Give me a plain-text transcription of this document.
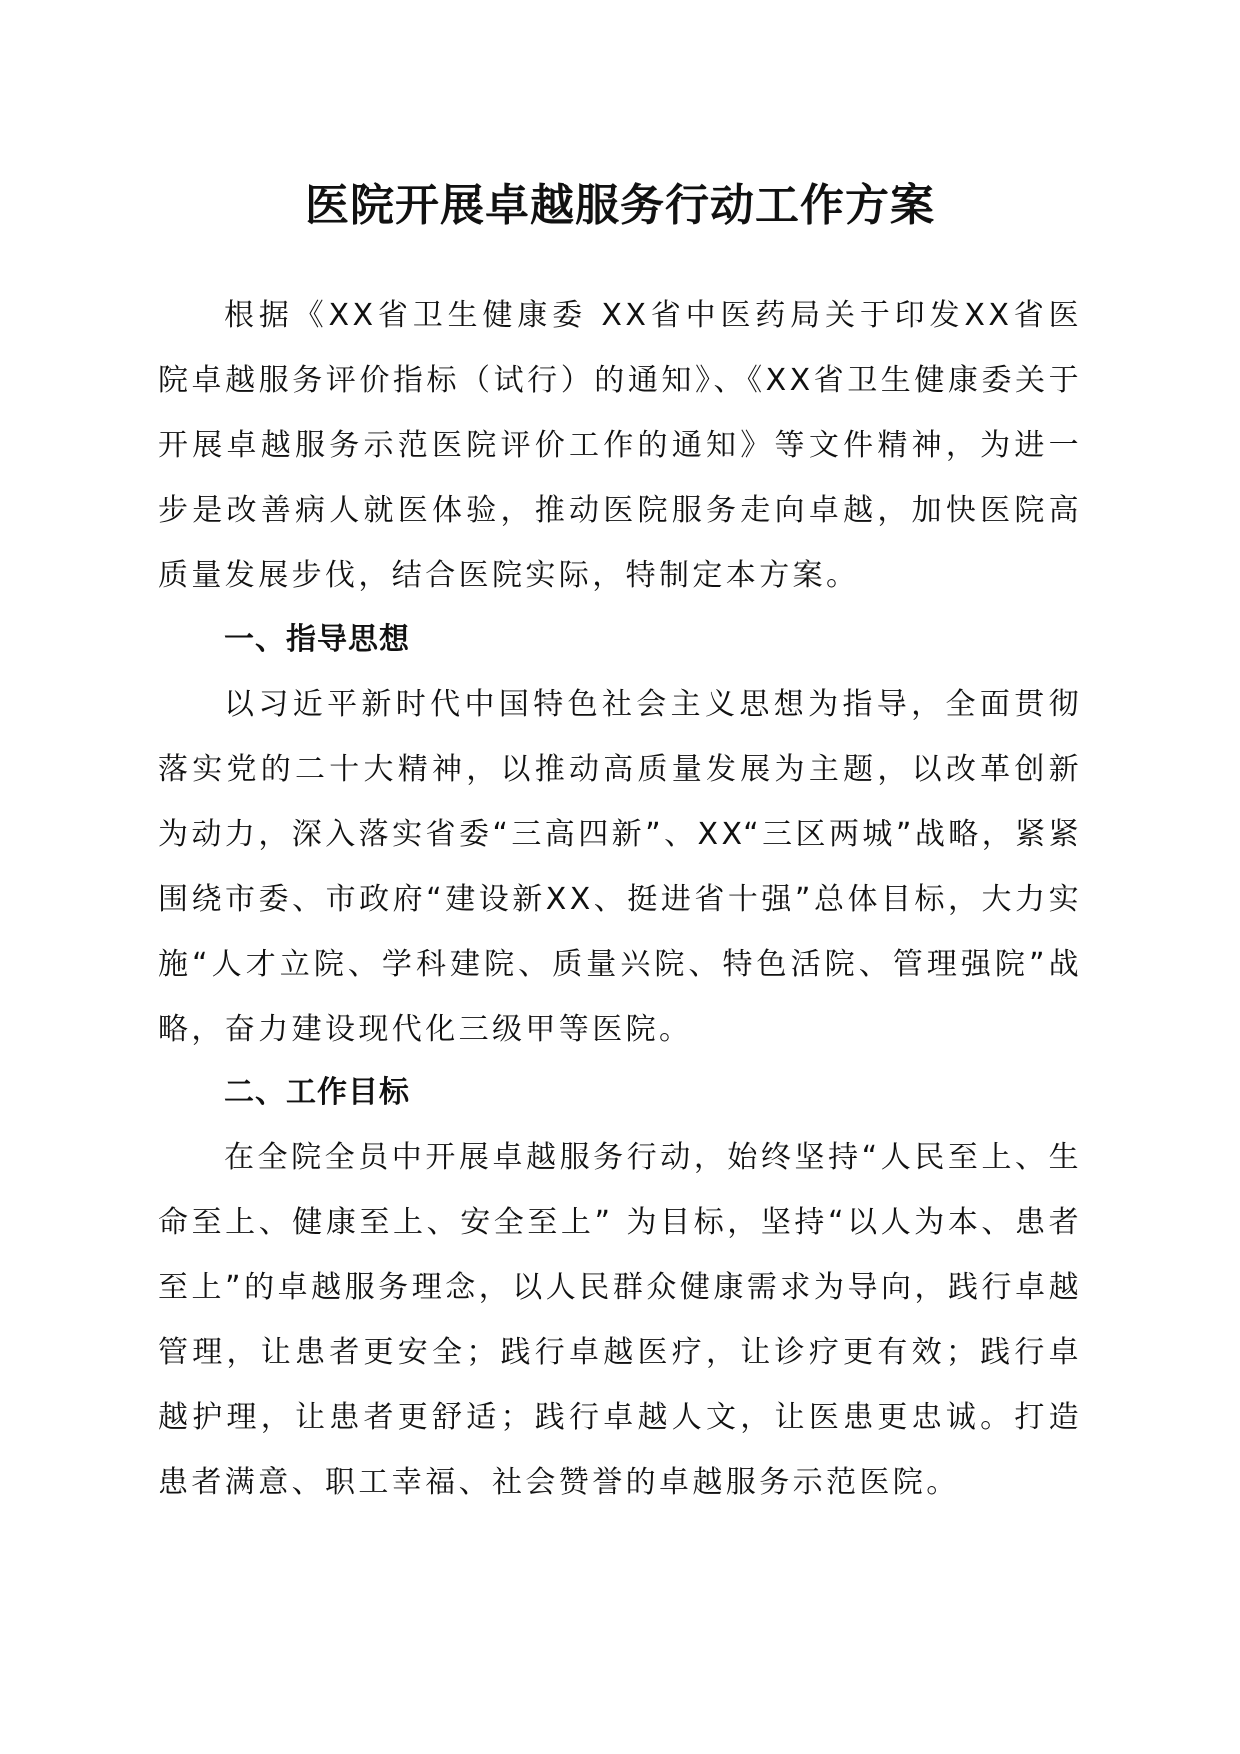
医院开展卓越服务行动工作方案

根据《XX省卫生健康委 XX省中医药局关于印发XX省医院卓越服务评价指标（试行）的通知》、《XX省卫生健康委关于开展卓越服务示范医院评价工作的通知》等文件精神，为进一步是改善病人就医体验，推动医院服务走向卓越，加快医院高质量发展步伐，结合医院实际，特制定本方案。

一、指导思想

以习近平新时代中国特色社会主义思想为指导，全面贯彻落实党的二十大精神，以推动高质量发展为主题，以改革创新为动力，深入落实省委“三高四新”、XX“三区两城”战略，紧紧围绕市委、市政府“建设新XX、挺进省十强”总体目标，大力实施“人才立院、学科建院、质量兴院、特色活院、管理强院”战略，奋力建设现代化三级甲等医院。

二、工作目标

在全院全员中开展卓越服务行动，始终坚持“人民至上、生命至上、健康至上、安全至上” 为目标，坚持“以人为本、患者至上”的卓越服务理念，以人民群众健康需求为导向，践行卓越管理，让患者更安全；践行卓越医疗，让诊疗更有效；践行卓越护理，让患者更舒适；践行卓越人文，让医患更忠诚。打造患者满意、职工幸福、社会赞誉的卓越服务示范医院。
